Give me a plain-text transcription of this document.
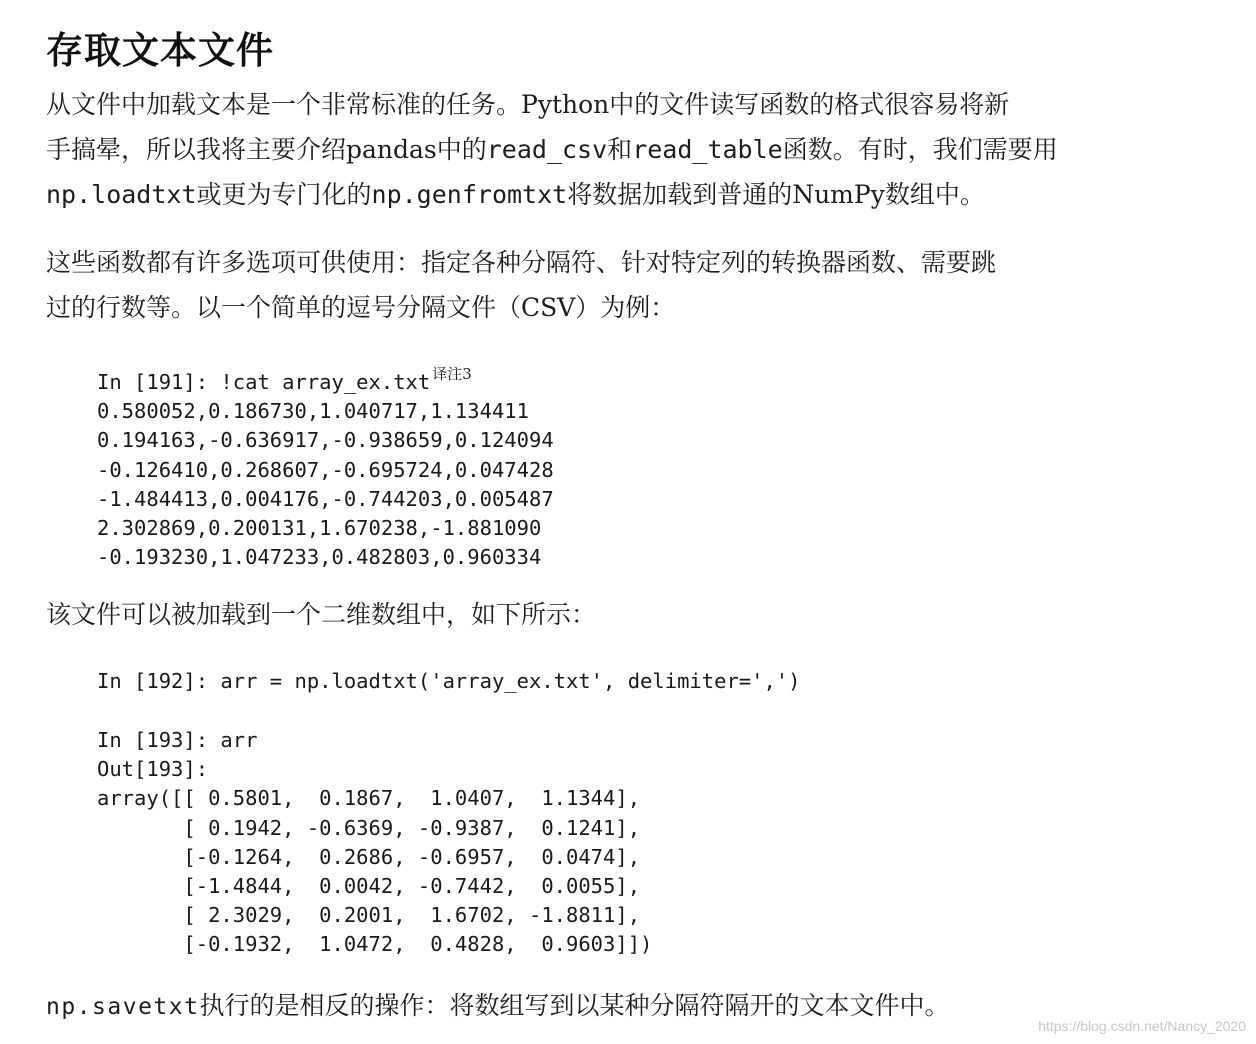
存取文本文件
从文件中加载文本是一个非常标准的任务。Python中的文件读写函数的格式很容易将新
手搞晕，所以我将主要介绍pandas中的read_csv和read_table函数。有时，我们需要用
np.loadtxt或更为专门化的np.genfromtxt将数据加载到普通的NumPy数组中。
这些函数都有许多选项可供使用：指定各种分隔符、针对特定列的转换器函数、需要跳
过的行数等。以一个简单的逗号分隔文件（CSV）为例：
In [191]: !cat array_ex.txt $^{译注3}$
0.580052,0.186730,1.040717,1.134411
0.194163,-0.636917,-0.938659,0.124094
-0.126410,0.268607,-0.695724,0.047428
-1.484413,0.004176,-0.744203,0.005487
2.302869,0.200131,1.670238,-1.881090
-0.193230,1.047233,0.482803,0.960334
该文件可以被加载到一个二维数组中，如下所示：
In [192]: arr = np.loadtxt('array_ex.txt', delimiter=',')
In [193]: arr
Out[193]:
array([[ 0.5801,  0.1867,  1.0407,  1.1344],
[ 0.1942, -0.6369, -0.9387,  0.1241],
[-0.1264,  0.2686, -0.6957,  0.0474],
[-1.4844,  0.0042, -0.7442,  0.0055],
[ 2.3029,  0.2001,  1.6702, -1.8811],
[-0.1932,  1.0472,  0.4828,  0.9603]])
np.savetxt执行的是相反的操作：将数组写到以某种分隔符隔开的文本文件中。
https://blog.csdn.net/Nancy_2020
